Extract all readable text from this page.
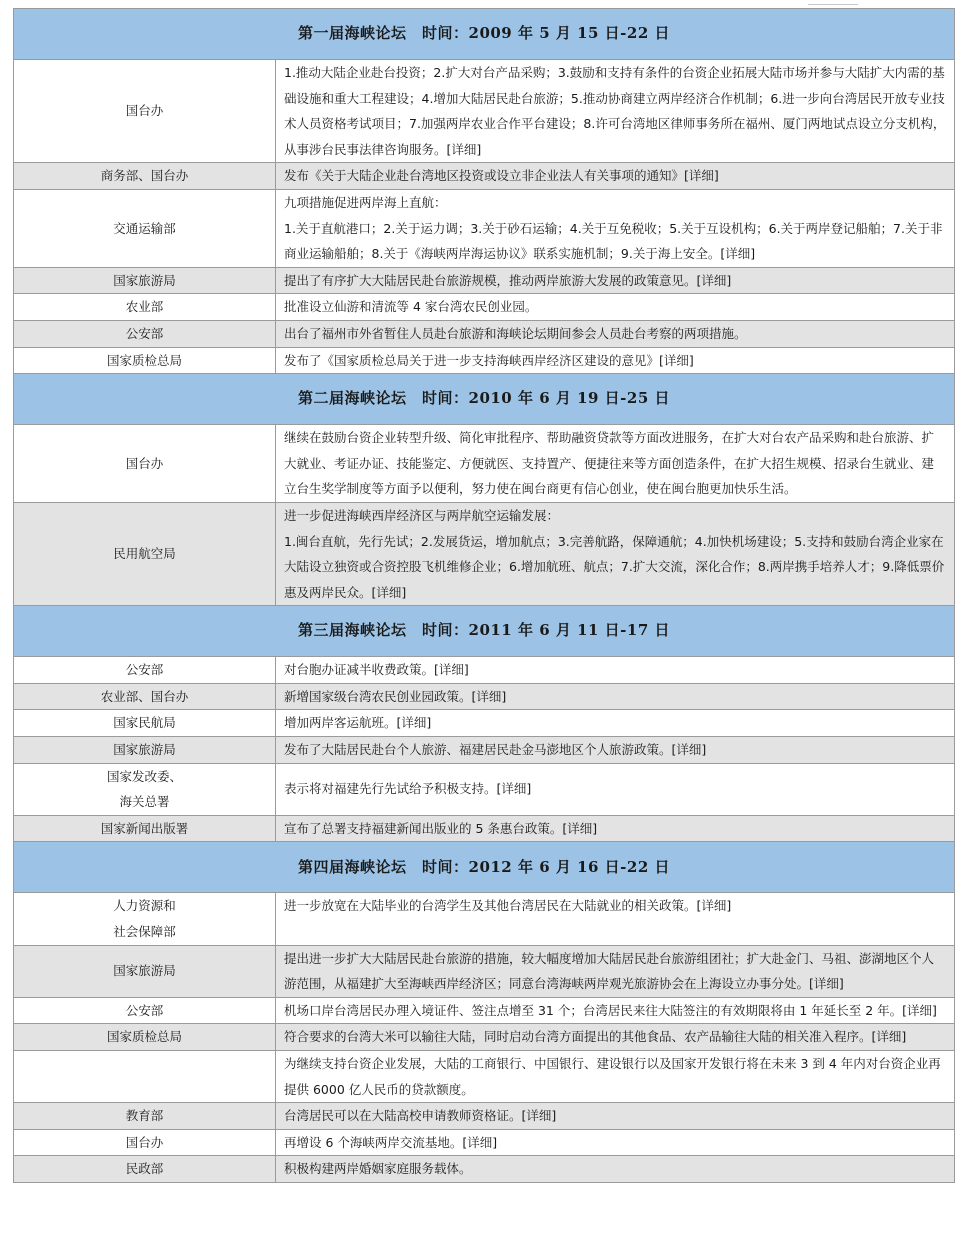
第一届海峡论坛　时间：2009 年 5 月 15 日-22 日	
国台办	1.推动大陆企业赴台投资；2.扩大对台产品采购；3.鼓励和支持有条件的台资企业拓展大陆市场并参与大陆扩大内需的基础设施和重大工程建设；4.增加大陆居民赴台旅游；5.推动协商建立两岸经济合作机制；6.进一步向台湾居民开放专业技术人员资格考试项目；7.加强两岸农业合作平台建设；8.许可台湾地区律师事务所在福州、厦门两地试点设立分支机构，从事涉台民事法律咨询服务。[详细]
商务部、国台办	发布《关于大陆企业赴台湾地区投资或设立非企业法人有关事项的通知》[详细]
交通运输部	九项措施促进两岸海上直航：
1.关于直航港口；2.关于运力调；3.关于砂石运输；4.关于互免税收；5.关于互设机构；6.关于两岸登记船舶；7.关于非商业运输船舶；8.关于《海峡两岸海运协议》联系实施机制；9.关于海上安全。[详细]
国家旅游局	提出了有序扩大大陆居民赴台旅游规模，推动两岸旅游大发展的政策意见。[详细]
农业部	批准设立仙游和清流等 4 家台湾农民创业园。
公安部	出台了福州市外省暂住人员赴台旅游和海峡论坛期间参会人员赴台考察的两项措施。
国家质检总局	发布了《国家质检总局关于进一步支持海峡西岸经济区建设的意见》[详细]
第二届海峡论坛　时间：2010 年 6 月 19 日-25 日	
国台办	继续在鼓励台资企业转型升级、简化审批程序、帮助融资贷款等方面改进服务，在扩大对台农产品采购和赴台旅游、扩大就业、考证办证、技能鉴定、方便就医、支持置产、便捷往来等方面创造条件，在扩大招生规模、招录台生就业、建立台生奖学制度等方面予以便利，努力使在闽台商更有信心创业，使在闽台胞更加快乐生活。
民用航空局	进一步促进海峡西岸经济区与两岸航空运输发展：
1.闽台直航，先行先试；2.发展货运，增加航点；3.完善航路，保障通航；4.加快机场建设；5.支持和鼓励台湾企业家在大陆设立独资或合资控股飞机维修企业；6.增加航班、航点；7.扩大交流，深化合作；8.两岸携手培养人才；9.降低票价惠及两岸民众。[详细]
第三届海峡论坛　时间：2011 年 6 月 11 日-17 日	
公安部	对台胞办证减半收费政策。[详细]
农业部、国台办	新增国家级台湾农民创业园政策。[详细]
国家民航局	增加两岸客运航班。[详细]
国家旅游局	发布了大陆居民赴台个人旅游、福建居民赴金马澎地区个人旅游政策。[详细]

国家发改委、
海关总署	表示将对福建先行先试给予积极支持。[详细]
国家新闻出版署	宣布了总署支持福建新闻出版业的 5 条惠台政策。[详细]
第四届海峡论坛　时间：2012 年 6 月 16 日-22 日	

人力资源和
社会保障部	进一步放宽在大陆毕业的台湾学生及其他台湾居民在大陆就业的相关政策。[详细]
国家旅游局	提出进一步扩大大陆居民赴台旅游的措施，较大幅度增加大陆居民赴台旅游组团社；扩大赴金门、马祖、澎湖地区个人游范围，从福建扩大至海峡西岸经济区；同意台湾海峡两岸观光旅游协会在上海设立办事分处。[详细]
公安部	机场口岸台湾居民办理入境证件、签注点增至 31 个；台湾居民来往大陆签注的有效期限将由 1 年延长至 2 年。[详细]
国家质检总局	符合要求的台湾大米可以输往大陆，同时启动台湾方面提出的其他食品、农产品输往大陆的相关准入程序。[详细]
	为继续支持台资企业发展，大陆的工商银行、中国银行、建设银行以及国家开发银行将在未来 3 到 4 年内对台资企业再提供 6000 亿人民币的贷款额度。
教育部	台湾居民可以在大陆高校申请教师资格证。[详细]
国台办	再增设 6 个海峡两岸交流基地。[详细]
民政部	积极构建两岸婚姻家庭服务载体。
